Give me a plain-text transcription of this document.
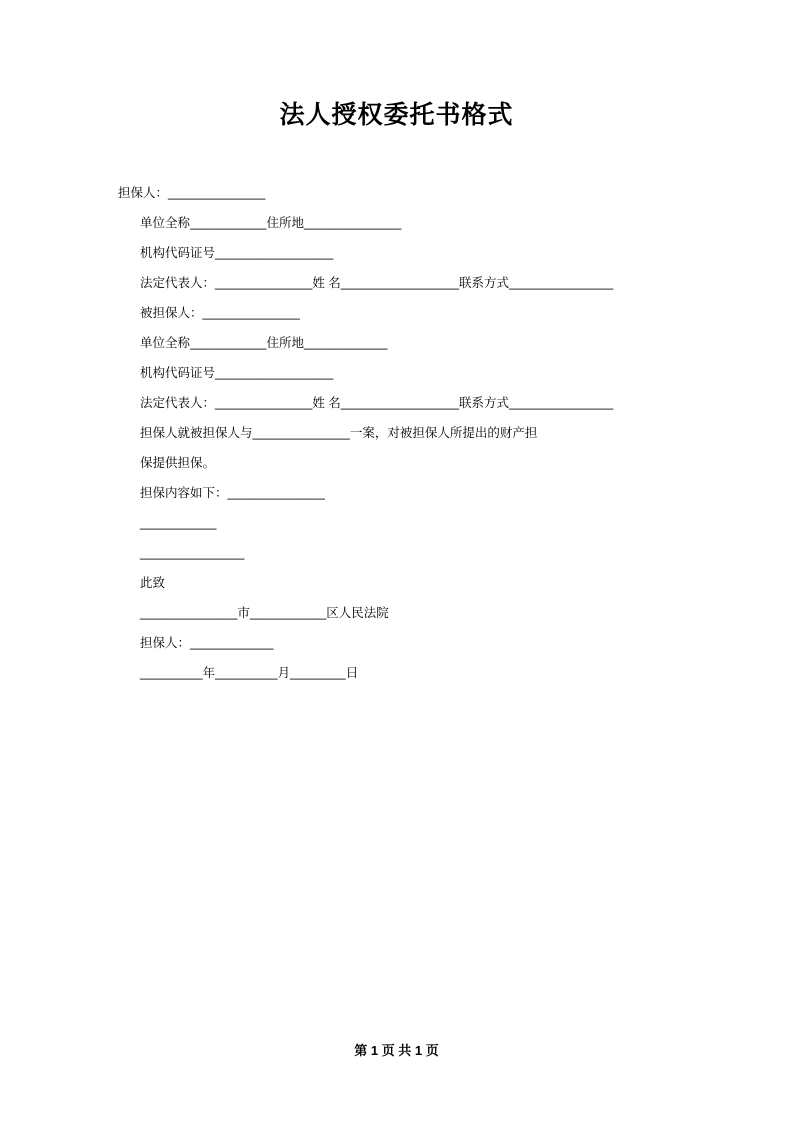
法人授权委托书格式
担保人：______________
单位全称___________住所地______________
机构代码证号_________________
法定代表人：______________姓 名_________________联系方式_______________
被担保人：______________
单位全称___________住所地____________
机构代码证号_________________
法定代表人：______________姓 名_________________联系方式_______________
担保人就被担保人与______________一案，对被担保人所提出的财产担
保提供担保。
担保内容如下：______________
___________
_______________
此致
______________市___________区人民法院
担保人：____________
_________年_________月________日
第 1 页 共 1 页
